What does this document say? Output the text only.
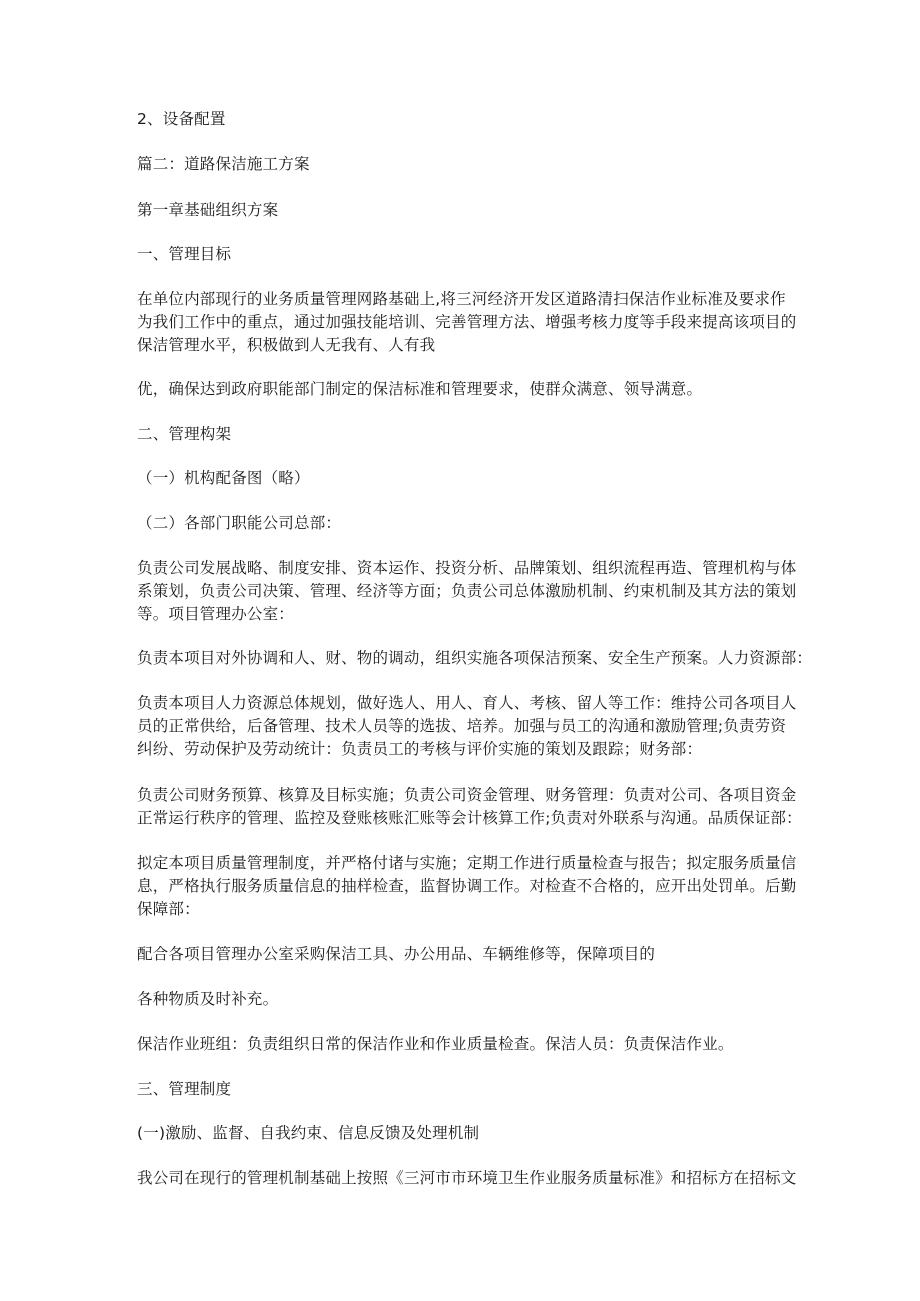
2、设备配置
篇二：道路保洁施工方案
第一章基础组织方案
一、管理目标
在单位内部现行的业务质量管理网路基础上,将三河经济开发区道路清扫保洁作业标准及要求作
为我们工作中的重点，通过加强技能培训、完善管理方法、增强考核力度等手段来提高该项目的
保洁管理水平，积极做到人无我有、人有我
优，确保达到政府职能部门制定的保洁标准和管理要求，使群众满意、领导满意。
二、管理构架
（一）机构配备图（略）
（二）各部门职能公司总部：
负责公司发展战略、制度安排、资本运作、投资分析、品牌策划、组织流程再造、管理机构与体
系策划，负责公司决策、管理、经济等方面；负责公司总体激励机制、约束机制及其方法的策划
等。项目管理办公室：
负责本项目对外协调和人、财、物的调动，组织实施各项保洁预案、安全生产预案。人力资源部：
负责本项目人力资源总体规划，做好选人、用人、育人、考核、留人等工作：维持公司各项目人
员的正常供给，后备管理、技术人员等的选拔、培养。加强与员工的沟通和激励管理;负责劳资
纠纷、劳动保护及劳动统计：负责员工的考核与评价实施的策划及跟踪；财务部：
负责公司财务预算、核算及目标实施；负责公司资金管理、财务管理：负责对公司、各项目资金
正常运行秩序的管理、监控及登账核账汇账等会计核算工作;负责对外联系与沟通。品质保证部：
拟定本项目质量管理制度，并严格付诸与实施；定期工作进行质量检查与报告；拟定服务质量信
息，严格执行服务质量信息的抽样检查，监督协调工作。对检查不合格的，应开出处罚单。后勤
保障部：
配合各项目管理办公室采购保洁工具、办公用品、车辆维修等，保障项目的
各种物质及时补充。
保洁作业班组：负责组织日常的保洁作业和作业质量检查。保洁人员：负责保洁作业。
三、管理制度
(一)激励、监督、自我约束、信息反馈及处理机制
我公司在现行的管理机制基础上按照《三河市市环境卫生作业服务质量标准》和招标方在招标文
